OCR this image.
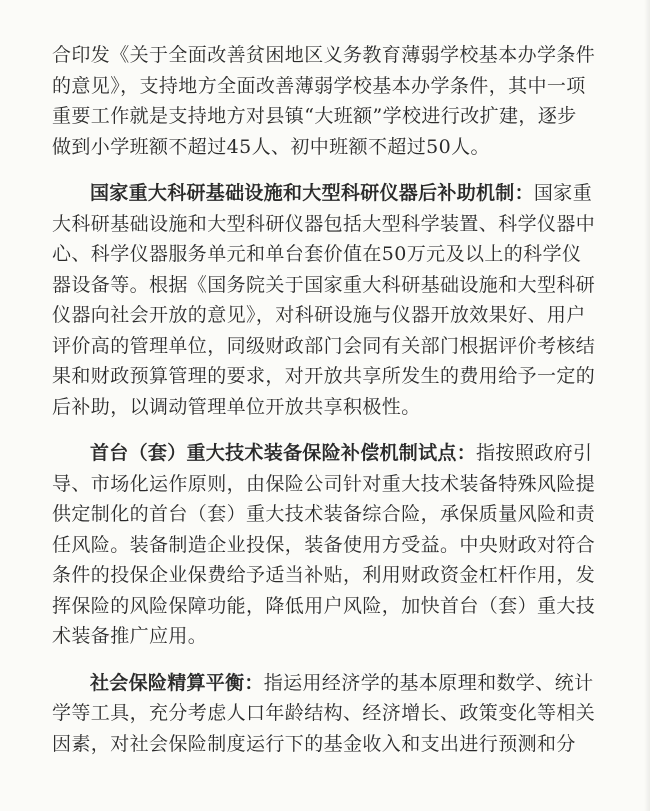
合印发《关于全面改善贫困地区义务教育薄弱学校基本办学条件
的意见》，支持地方全面改善薄弱学校基本办学条件，其中一项
重要工作就是支持地方对县镇“大班额”学校进行改扩建，逐步
做到小学班额不超过45人、初中班额不超过50人。
国家重大科研基础设施和大型科研仪器后补助机制：国家重
大科研基础设施和大型科研仪器包括大型科学装置、科学仪器中
心、科学仪器服务单元和单台套价值在50万元及以上的科学仪
器设备等。根据《国务院关于国家重大科研基础设施和大型科研
仪器向社会开放的意见》，对科研设施与仪器开放效果好、用户
评价高的管理单位，同级财政部门会同有关部门根据评价考核结
果和财政预算管理的要求，对开放共享所发生的费用给予一定的
后补助，以调动管理单位开放共享积极性。
首台（套）重大技术装备保险补偿机制试点：指按照政府引
导、市场化运作原则，由保险公司针对重大技术装备特殊风险提
供定制化的首台（套）重大技术装备综合险，承保质量风险和责
任风险。装备制造企业投保，装备使用方受益。中央财政对符合
条件的投保企业保费给予适当补贴，利用财政资金杠杆作用，发
挥保险的风险保障功能，降低用户风险，加快首台（套）重大技
术装备推广应用。
社会保险精算平衡：指运用经济学的基本原理和数学、统计
学等工具，充分考虑人口年龄结构、经济增长、政策变化等相关
因素，对社会保险制度运行下的基金收入和支出进行预测和分
